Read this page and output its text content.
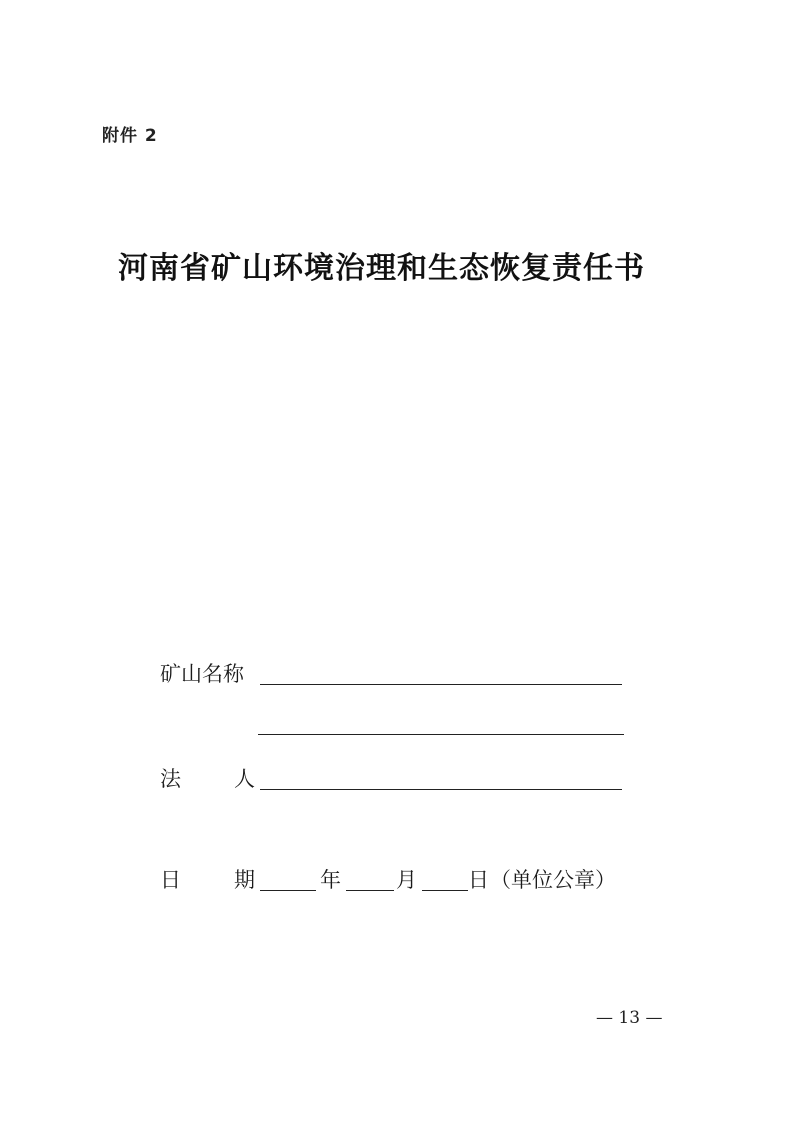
附件 2
河南省矿山环境治理和生态恢复责任书
矿山名称
法	人
日	期	年	月 日 （单位公章）
— 13 —
